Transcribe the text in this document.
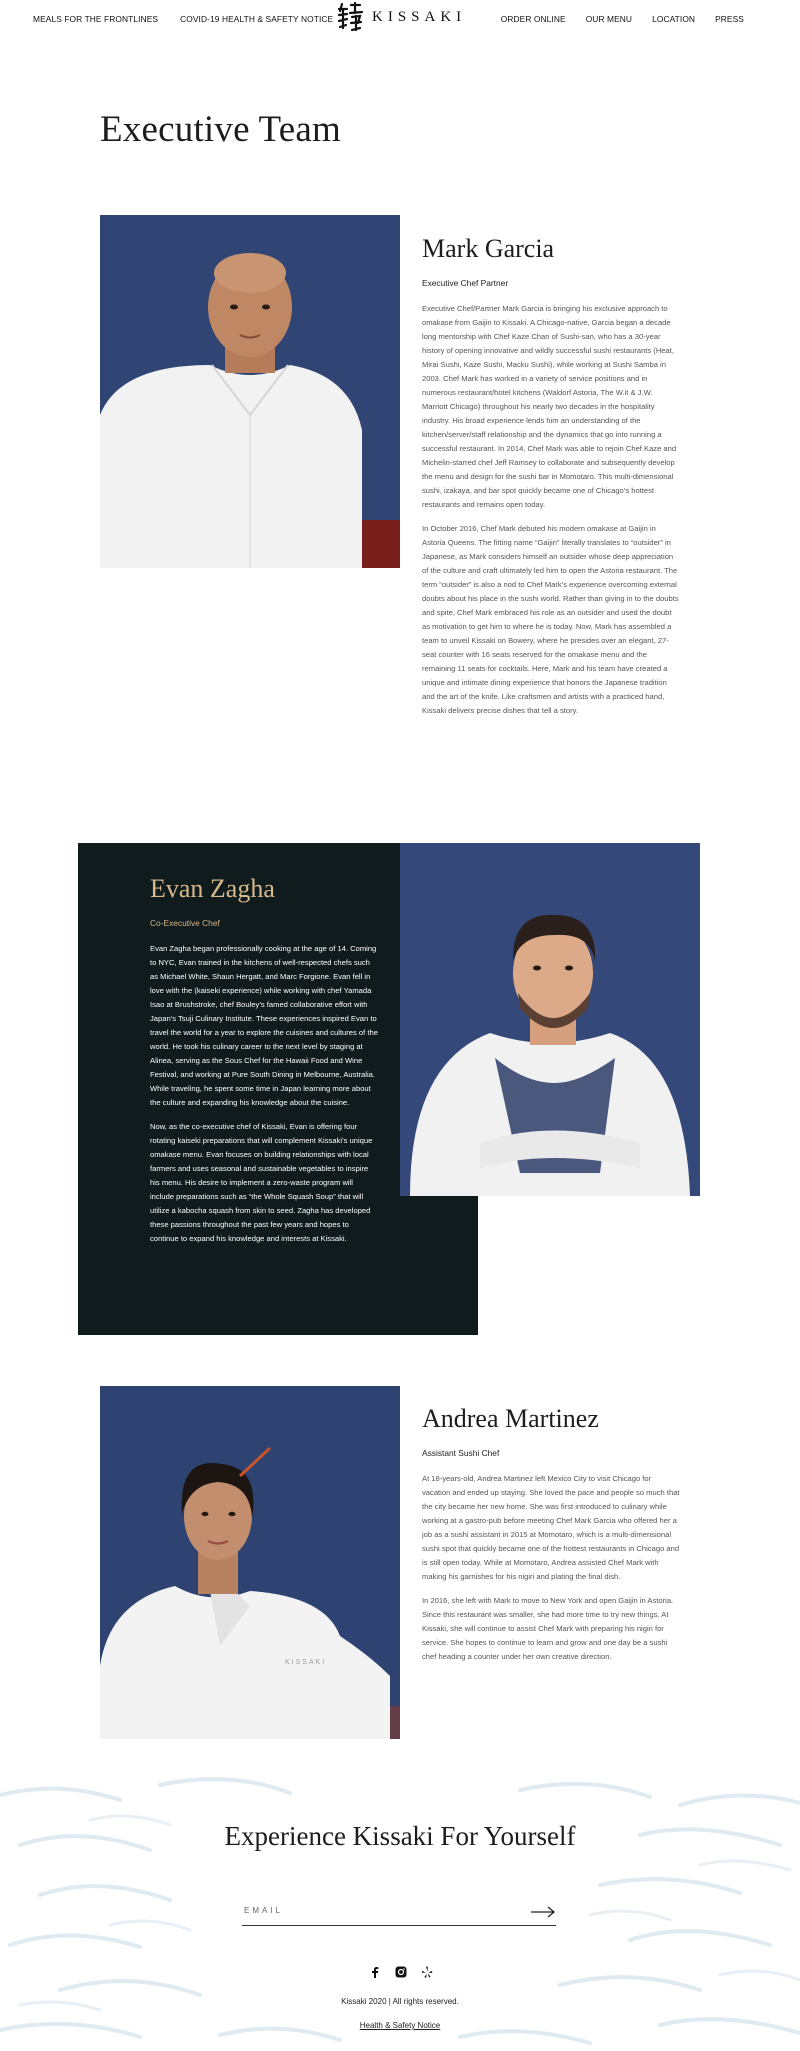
MEALS FOR THE FRONTLINES	COVID-19 HEALTH & SAFETY NOTICE	KISSAKI	ORDER ONLINE OUR MENU LOCATION PRESS
Executive Team
Mark Garcia
Executive Chef Partner

Executive Chef/Partner Mark Garcia is bringing his exclusive approach to omakase from Gaijin to Kissaki. A Chicago-native, Garcia began a decade long mentorship with Chef Kaze Chan of Sushi-san, who has a 30-year history of opening innovative and wildly successful sushi restaurants (Heat, Mirai Sushi, Kaze Sushi, Macku Sushi), while working at Sushi Samba in 2003. Chef Mark has worked in a variety of service positions and in numerous restaurant/hotel kitchens (Waldorf Astoria, The W.it & J.W. Marriott Chicago) throughout his nearly two decades in the hospitality industry. His broad experience lends him an understanding of the kitchen/server/staff relationship and the dynamics that go into running a successful restaurant. In 2014, Chef Mark was able to rejoin Chef Kaze and Michelin-starred chef Jeff Ramsey to collaborate and subsequently develop the menu and design for the sushi bar in Momotaro. This multi-dimensional sushi, izakaya, and bar spot quickly became one of Chicago’s hottest restaurants and remains open today.

In October 2016, Chef Mark debuted his modern omakase at Gaijin in Astoria Queens. The fitting name “Gaijin” literally translates to “outsider” in Japanese, as Mark considers himself an outsider whose deep appreciation of the culture and craft ultimately led him to open the Astoria restaurant. The term “outsider” is also a nod to Chef Mark’s experience overcoming external doubts about his place in the sushi world. Rather than giving in to the doubts and spite, Chef Mark embraced his role as an outsider and used the doubt as motivation to get him to where he is today. Now, Mark has assembled a team to unveil Kissaki on Bowery, where he presides over an elegant, 27-seat counter with 16 seats reserved for the omakase menu and the remaining 11 seats for cocktails. Here, Mark and his team have created a unique and intimate dining experience that honors the Japanese tradition and the art of the knife. Like craftsmen and artists with a practiced hand, Kissaki delivers precise dishes that tell a story.

Evan Zagha
Co-Executive Chef

Evan Zagha began professionally cooking at the age of 14. Coming to NYC, Evan trained in the kitchens of well-respected chefs such as Michael White, Shaun Hergatt, and Marc Forgione. Evan fell in love with the (kaiseki experience) while working with chef Yamada Isao at Brushstroke, chef Bouley’s famed collaborative effort with Japan’s Tsuji Culinary Institute. These experiences inspired Evan to travel the world for a year to explore the cuisines and cultures of the world. He took his culinary career to the next level by staging at Alinea, serving as the Sous Chef for the Hawaii Food and Wine Festival, and working at Pure South Dining in Melbourne, Australia. While traveling, he spent some time in Japan learning more about the culture and expanding his knowledge about the cuisine.

Now, as the co-executive chef of Kissaki, Evan is offering four rotating kaiseki preparations that will complement Kissaki’s unique omakase menu. Evan focuses on building relationships with local farmers and uses seasonal and sustainable vegetables to inspire his menu. His desire to implement a zero-waste program will include preparations such as “the Whole Squash Soup” that will utilize a kabocha squash from skin to seed. Zagha has developed these passions throughout the past few years and hopes to continue to expand his knowledge and interests at Kissaki.

KISSAKI
Andrea Martinez
Assistant Sushi Chef

At 18-years-old, Andrea Martinez left Mexico City to visit Chicago for vacation and ended up staying. She loved the pace and people so much that the city became her new home. She was first introduced to culinary while working at a gastro-pub before meeting Chef Mark Garcia who offered her a job as a sushi assistant in 2015 at Momotaro, which is a multi-dimensional sushi spot that quickly became one of the hottest restaurants in Chicago and is still open today. While at Momotaro, Andrea assisted Chef Mark with making his garnishes for his nigiri and plating the final dish.

In 2016, she left with Mark to move to New York and open Gaijin in Astoria. Since this restaurant was smaller, she had more time to try new things. At Kissaki, she will continue to assist Chef Mark with preparing his nigiri for service. She hopes to continue to learn and grow and one day be a sushi chef heading a counter under her own creative direction.

Experience Kissaki For Yourself
EMAIL
Kissaki 2020 | All rights reserved.
Health & Safety Notice
